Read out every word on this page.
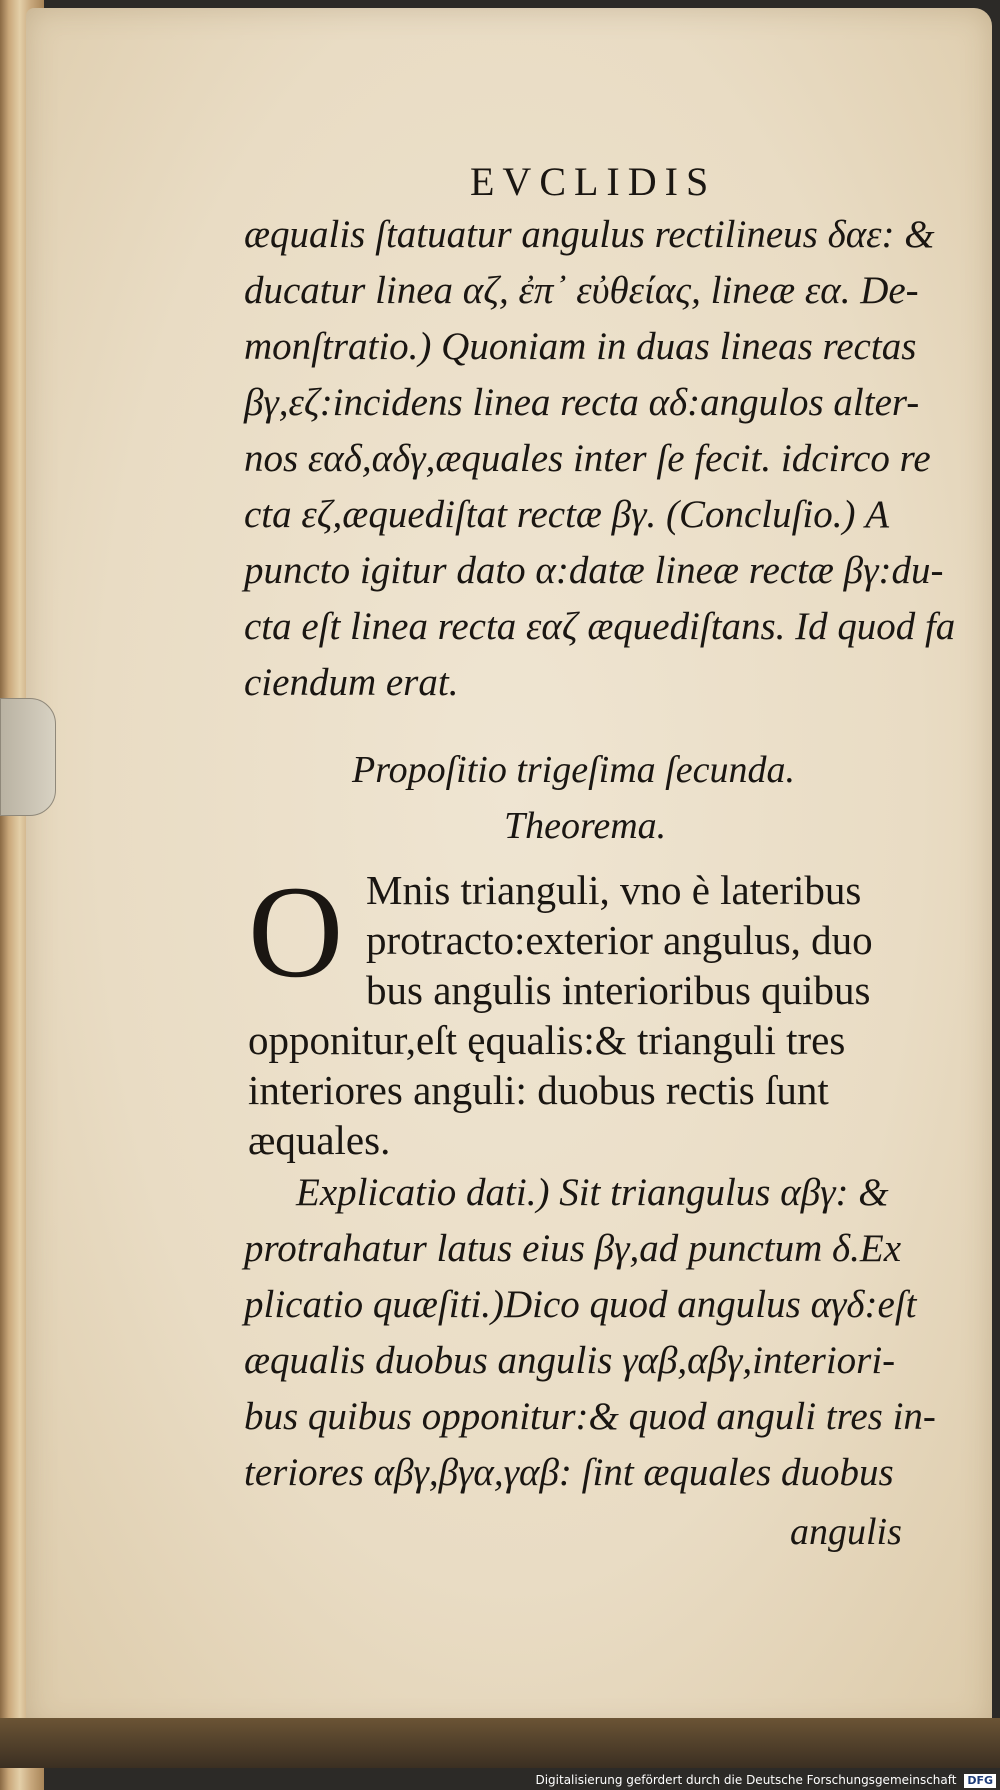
EVCLIDIS
æqualis ſtatuatur angulus rectilineus δαε: &
ducatur linea αζ, ἐπ᾽ εὐθείας, lineæ εα. De-
monſtratio.) Quoniam in duas lineas rectas
βγ,εζ:incidens linea recta αδ:angulos alter-
nos εαδ,αδγ,æquales inter ſe fecit. idcirco re
cta εζ,æquediſtat rectæ βγ. (Concluſio.) A
puncto igitur dato α:datæ lineæ rectæ βγ:du-
cta eſt linea recta εαζ æquediſtans. Id quod fa
ciendum erat.
Propoſitio trigeſima ſecunda.
Theorema.
O Mnis trianguli, vno è lateribus
protracto:exterior angulus, duo
bus angulis interioribus quibus
opponitur,eſt ęqualis:& trianguli tres
interiores anguli: duobus rectis ſunt
æquales.
Explicatio dati.) Sit triangulus αβγ: &
protrahatur latus eius βγ,ad punctum δ.Ex
plicatio quæſiti.)Dico quod angulus αγδ:eſt
æqualis duobus angulis γαβ,αβγ,interiori-
bus quibus opponitur:& quod anguli tres in-
teriores αβγ,βγα,γαβ: ſint æquales duobus
angulis
Digitalisierung gefördert durch die Deutsche Forschungsgemeinschaft DFG
